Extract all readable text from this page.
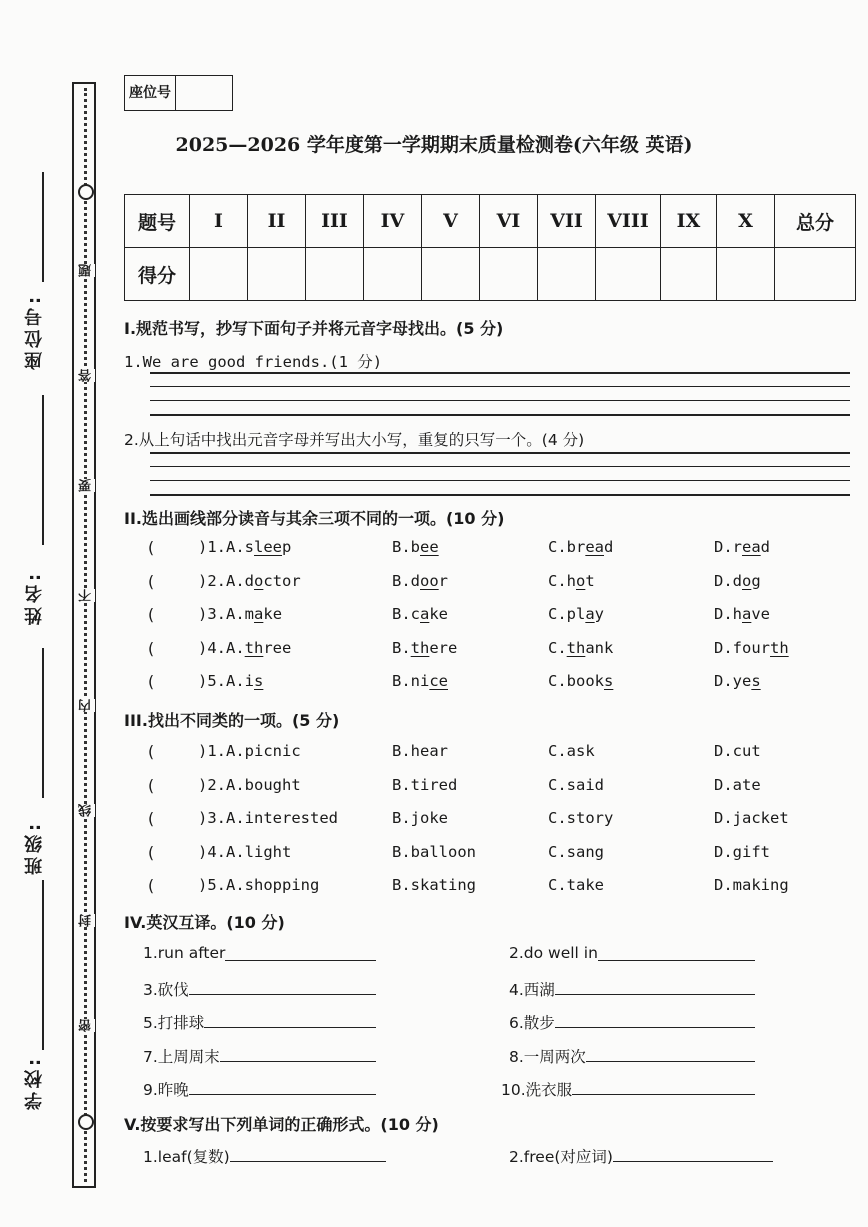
座位号:
姓名:
班级:
学校:
题
答
要
不
内
线
封
密
座位号
2025—2026 学年度第一学期期末质量检测卷(六年级 英语)
题号	I	II	III	IV	V	VI	VII	VIII	IX	X	总分
得分											
I.规范书写，抄写下面句子并将元音字母找出。(5 分)
1.We are good friends.(1 分)
2.从上句话中找出元音字母并写出大小写，重复的只写一个。(4 分)
II.选出画线部分读音与其余三项不同的一项。(10 分)
(	)1.A.sleep	B.bee	C.bread	D.read
(	)2.A.doctor	B.door	C.hot	D.dog
(	)3.A.make	B.cake	C.play	D.have
(	)4.A.three	B.there	C.thank	D.fourth
(	)5.A.is	B.nice	C.books	D.yes
III.找出不同类的一项。(5 分)
(	)1.A.picnic	B.hear	C.ask	D.cut
(	)2.A.bought	B.tired	C.said	D.ate
(	)3.A.interested	B.joke	C.story	D.jacket
(	)4.A.light	B.balloon	C.sang	D.gift
(	)5.A.shopping	B.skating	C.take	D.making
IV.英汉互译。(10 分)
1.run after	2.do well in
3.砍伐	4.西湖
5.打排球	6.散步
7.上周周末	8.一周两次
9.昨晚	10.洗衣服
V.按要求写出下列单词的正确形式。(10 分)
1.leaf(复数)	2.free(对应词)
